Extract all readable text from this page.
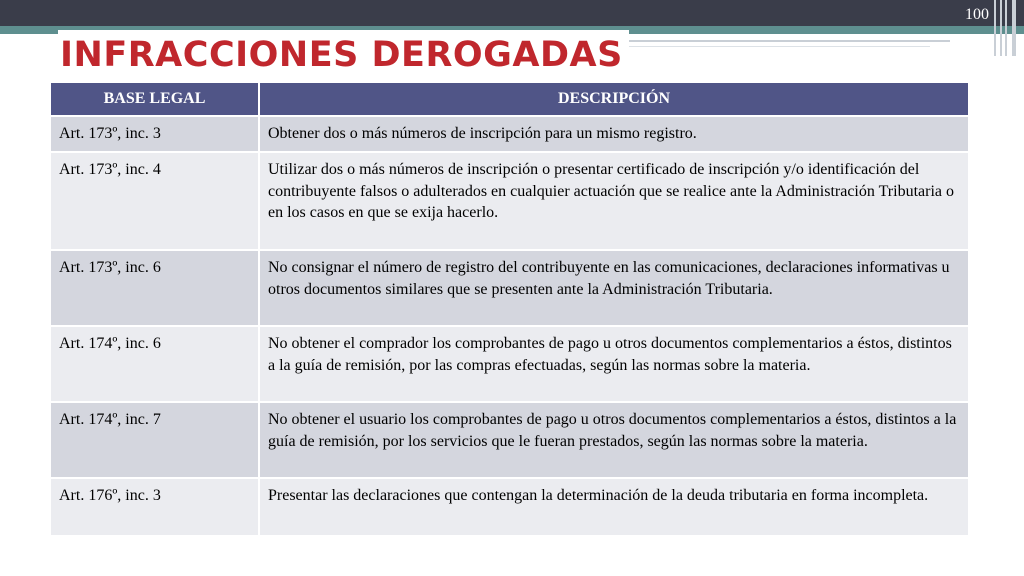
100
INFRACCIONES DEROGADAS
BASE LEGAL	DESCRIPCIÓN
Art. 173º, inc. 3	Obtener dos o más números de inscripción para un mismo registro.
Art. 173º, inc. 4	Utilizar dos o más números de inscripción o presentar certificado de inscripción y/o identificación del contribuyente falsos o adulterados en cualquier actuación que se realice ante la Administración Tributaria o en los casos en que se exija hacerlo.
Art. 173º, inc. 6	No consignar el número de registro del contribuyente en las comunicaciones, declaraciones informativas u otros documentos similares que se presenten ante la Administración Tributaria.
Art. 174º, inc. 6	No obtener el comprador los comprobantes de pago u otros documentos complementarios a éstos, distintos a la guía de remisión, por las compras efectuadas, según las normas sobre la materia.
Art. 174º, inc. 7	No obtener el usuario los comprobantes de pago u otros documentos complementarios a éstos, distintos a la guía de remisión, por los servicios que le fueran prestados, según las normas sobre la materia.
Art. 176º, inc. 3	Presentar las declaraciones que contengan la determinación de la deuda tributaria en forma incompleta.
